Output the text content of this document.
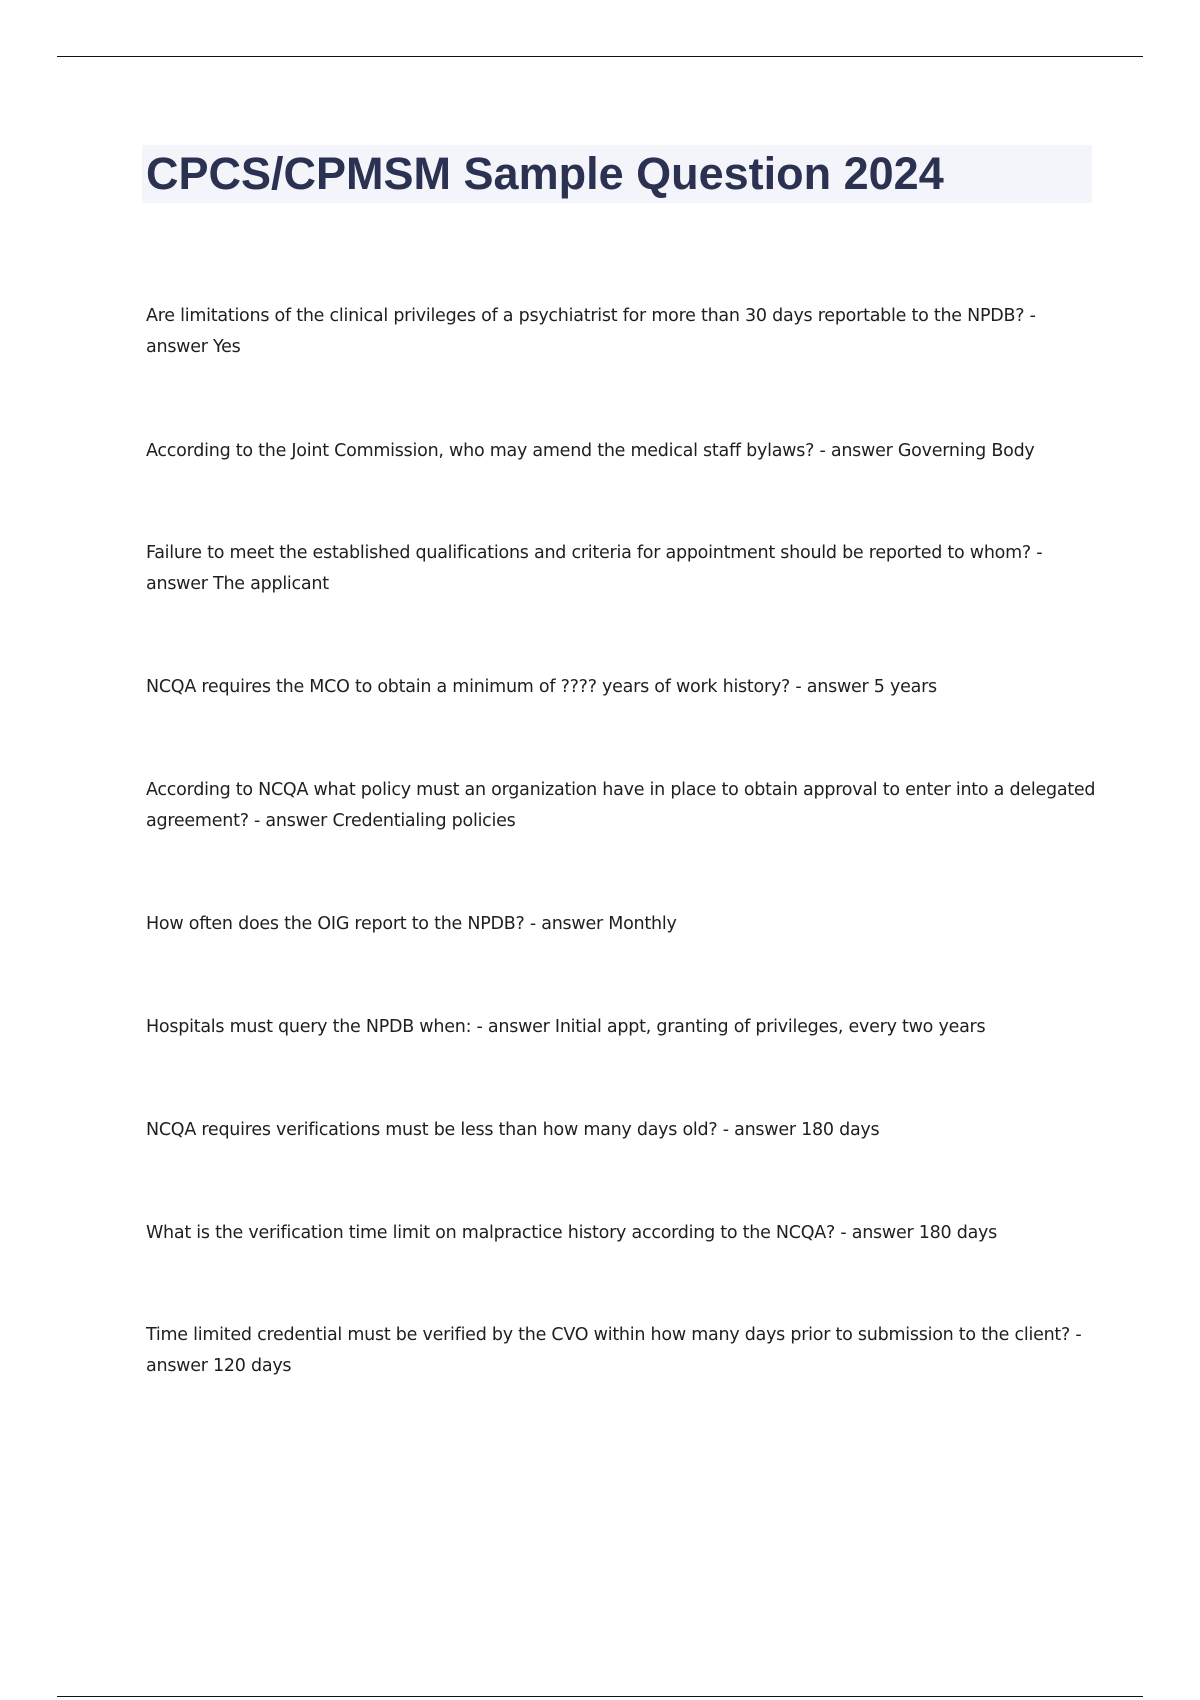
CPCS/CPMSM Sample Question 2024
Are limitations of the clinical privileges of a psychiatrist for more than 30 days reportable to the NPDB? - answer Yes
According to the Joint Commission, who may amend the medical staff bylaws? - answer Governing Body
Failure to meet the established qualifications and criteria for appointment should be reported to whom? - answer The applicant
NCQA requires the MCO to obtain a minimum of ???? years of work history? - answer 5 years
According to NCQA what policy must an organization have in place to obtain approval to enter into a delegated agreement? - answer Credentialing policies
How often does the OIG report to the NPDB? - answer Monthly
Hospitals must query the NPDB when: - answer Initial appt, granting of privileges, every two years
NCQA requires verifications must be less than how many days old? - answer 180 days
What is the verification time limit on malpractice history according to the NCQA? - answer 180 days
Time limited credential must be verified by the CVO within how many days prior to submission to the client? - answer 120 days
